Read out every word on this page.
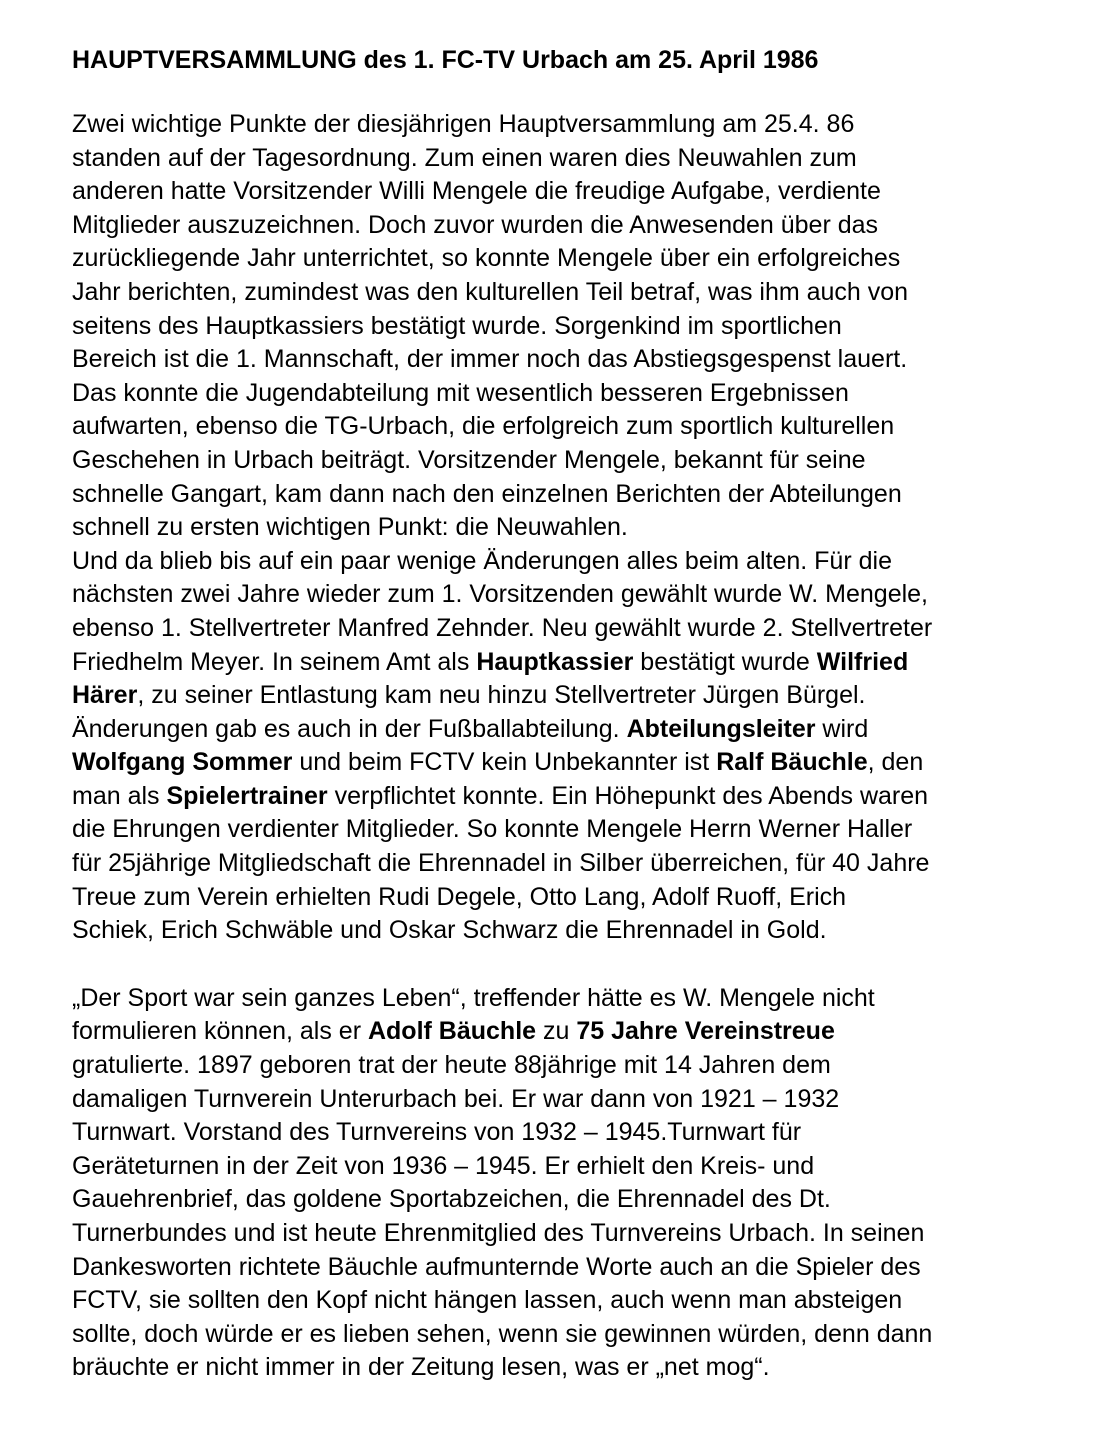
HAUPTVERSAMMLUNG des 1. FC-TV Urbach am 25. April 1986
Zwei wichtige Punkte der diesjährigen Hauptversammlung am 25.4. 86
standen auf der Tagesordnung. Zum einen waren dies Neuwahlen zum
anderen hatte Vorsitzender Willi Mengele die freudige Aufgabe, verdiente
Mitglieder auszuzeichnen. Doch zuvor wurden die Anwesenden über das
zurückliegende Jahr unterrichtet, so konnte Mengele über ein erfolgreiches
Jahr berichten, zumindest was den kulturellen Teil betraf, was ihm auch von
seitens des Hauptkassiers bestätigt wurde. Sorgenkind im sportlichen
Bereich ist die 1. Mannschaft, der immer noch das Abstiegsgespenst lauert.
Das konnte die Jugendabteilung mit wesentlich besseren Ergebnissen
aufwarten, ebenso die TG-Urbach, die erfolgreich zum sportlich kulturellen
Geschehen in Urbach beiträgt. Vorsitzender Mengele, bekannt für seine
schnelle Gangart, kam dann nach den einzelnen Berichten der Abteilungen
schnell zu ersten wichtigen Punkt: die Neuwahlen.
Und da blieb bis auf ein paar wenige Änderungen alles beim alten. Für die
nächsten zwei Jahre wieder zum 1. Vorsitzenden gewählt wurde W. Mengele,
ebenso 1. Stellvertreter Manfred Zehnder. Neu gewählt wurde 2. Stellvertreter
Friedhelm Meyer. In seinem Amt als Hauptkassier bestätigt wurde Wilfried
Härer, zu seiner Entlastung kam neu hinzu Stellvertreter Jürgen Bürgel.
Änderungen gab es auch in der Fußballabteilung. Abteilungsleiter wird
Wolfgang Sommer und beim FCTV kein Unbekannter ist Ralf Bäuchle, den
man als Spielertrainer verpflichtet konnte. Ein Höhepunkt des Abends waren
die Ehrungen verdienter Mitglieder. So konnte Mengele Herrn Werner Haller
für 25jährige Mitgliedschaft die Ehrennadel in Silber überreichen, für 40 Jahre
Treue zum Verein erhielten Rudi Degele, Otto Lang, Adolf Ruoff, Erich
Schiek, Erich Schwäble und Oskar Schwarz die Ehrennadel in Gold.
„Der Sport war sein ganzes Leben“, treffender hätte es W. Mengele nicht
formulieren können, als er Adolf Bäuchle zu 75 Jahre Vereinstreue
gratulierte. 1897 geboren trat der heute 88jährige mit 14 Jahren dem
damaligen Turnverein Unterurbach bei. Er war dann von 1921 – 1932
Turnwart. Vorstand des Turnvereins von 1932 – 1945.Turnwart für
Geräteturnen in der Zeit von 1936 – 1945. Er erhielt den Kreis- und
Gauehrenbrief, das goldene Sportabzeichen, die Ehrennadel des Dt.
Turnerbundes und ist heute Ehrenmitglied des Turnvereins Urbach. In seinen
Dankesworten richtete Bäuchle aufmunternde Worte auch an die Spieler des
FCTV, sie sollten den Kopf nicht hängen lassen, auch wenn man absteigen
sollte, doch würde er es lieben sehen, wenn sie gewinnen würden, denn dann
bräuchte er nicht immer in der Zeitung lesen, was er „net mog“.
